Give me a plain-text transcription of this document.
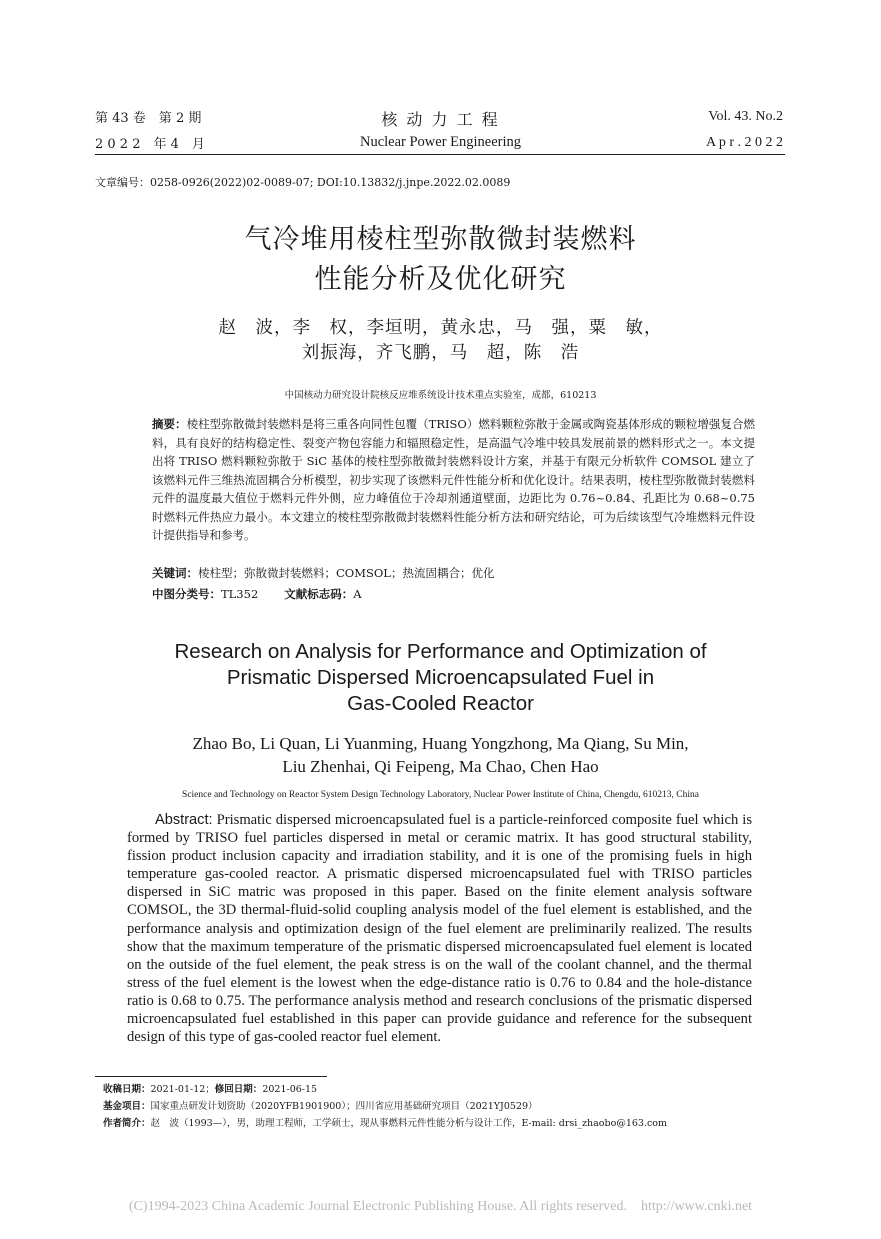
第 43 卷　第 2 期
2 0 2 2　年 4　月
核 动 力 工 程
Nuclear Power Engineering
Vol. 43. No.2
A p r . 2 0 2 2
文章编号：0258-0926(2022)02-0089-07; DOI:10.13832/j.jnpe.2022.02.0089
气冷堆用棱柱型弥散微封装燃料
性能分析及优化研究
赵　波，李　权，李垣明，黄永忠，马　强，粟　敏，
刘振海，齐飞鹏，马　超，陈　浩
中国核动力研究设计院核反应堆系统设计技术重点实验室，成都，610213
摘要：棱柱型弥散微封装燃料是将三重各向同性包覆（TRISO）燃料颗粒弥散于金属或陶瓷基体形成的颗粒增强复合燃料，具有良好的结构稳定性、裂变产物包容能力和辐照稳定性，是高温气冷堆中较具发展前景的燃料形式之一。本文提出将 TRISO 燃料颗粒弥散于 SiC 基体的棱柱型弥散微封装燃料设计方案，并基于有限元分析软件 COMSOL 建立了该燃料元件三维热流固耦合分析模型，初步实现了该燃料元件性能分析和优化设计。结果表明，棱柱型弥散微封装燃料元件的温度最大值位于燃料元件外侧，应力峰值位于冷却剂通道壁面，边距比为 0.76~0.84、孔距比为 0.68~0.75 时燃料元件热应力最小。本文建立的棱柱型弥散微封装燃料性能分析方法和研究结论，可为后续该型气冷堆燃料元件设计提供指导和参考。
关键词：棱柱型；弥散微封装燃料；COMSOL；热流固耦合；优化
中图分类号：TL352 文献标志码：A
Research on Analysis for Performance and Optimization of
Prismatic Dispersed Microencapsulated Fuel in
Gas-Cooled Reactor
Zhao Bo, Li Quan, Li Yuanming, Huang Yongzhong, Ma Qiang, Su Min,
Liu Zhenhai, Qi Feipeng, Ma Chao, Chen Hao
Science and Technology on Reactor System Design Technology Laboratory, Nuclear Power Institute of China, Chengdu, 610213, China
Abstract: Prismatic dispersed microencapsulated fuel is a particle-reinforced composite fuel which is formed by TRISO fuel particles dispersed in metal or ceramic matrix. It has good structural stability, fission product inclusion capacity and irradiation stability, and it is one of the promising fuels in high temperature gas-cooled reactor. A prismatic dispersed microencapsulated fuel with TRISO particles dispersed in SiC matric was proposed in this paper. Based on the finite element analysis software COMSOL, the 3D thermal-fluid-solid coupling analysis model of the fuel element is established, and the performance analysis and optimization design of the fuel element are preliminarily realized. The results show that the maximum temperature of the prismatic dispersed microencapsulated fuel element is located on the outside of the fuel element, the peak stress is on the wall of the coolant channel, and the thermal stress of the fuel element is the lowest when the edge-distance ratio is 0.76 to 0.84 and the hole-distance ratio is 0.68 to 0.75. The performance analysis method and research conclusions of the prismatic dispersed microencapsulated fuel established in this paper can provide guidance and reference for the subsequent design of this type of gas-cooled reactor fuel element.
收稿日期：2021-01-12；修回日期：2021-06-15
基金项目：国家重点研发计划资助（2020YFB1901900）；四川省应用基础研究项目（2021YJ0529）
作者简介：赵　波（1993—），男，助理工程师，工学硕士，现从事燃料元件性能分析与设计工作，E-mail: drsi_zhaobo@163.com
(C)1994-2023 China Academic Journal Electronic Publishing House. All rights reserved.    http://www.cnki.net
